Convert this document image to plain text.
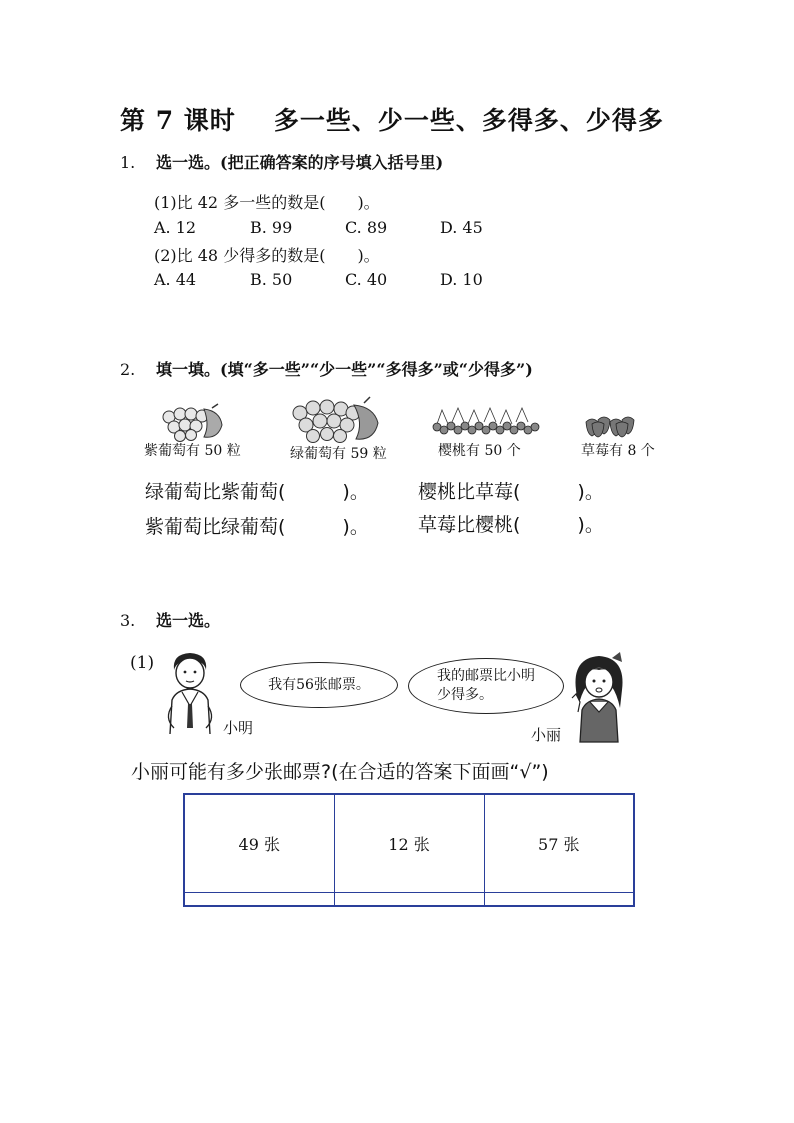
第 7 课时 多一些、少一些、多得多、少得多
1. 选一选。(把正确答案的序号填入括号里)
(1)比 42 多一些的数是(　　)。
A. 12	B. 99	C. 89	D. 45
(2)比 48 少得多的数是(　　)。
A. 44	B. 50	C. 40	D. 10
2. 填一填。(填“多一些”“少一些”“多得多”或“少得多”)
紫葡萄有 50 粒	绿葡萄有 59 粒	樱桃有 50 个	草莓有 8 个
绿葡萄比紫葡萄(　　　)。	樱桃比草莓(　　　)。
紫葡萄比绿葡萄(　　　)。	草莓比樱桃(　　　)。
3. 选一选。
(1)
小明
我有56张邮票。
我的邮票比小明少得多。
小丽
小丽可能有多少张邮票?(在合适的答案下面画“√”)
49 张	12 张	57 张
